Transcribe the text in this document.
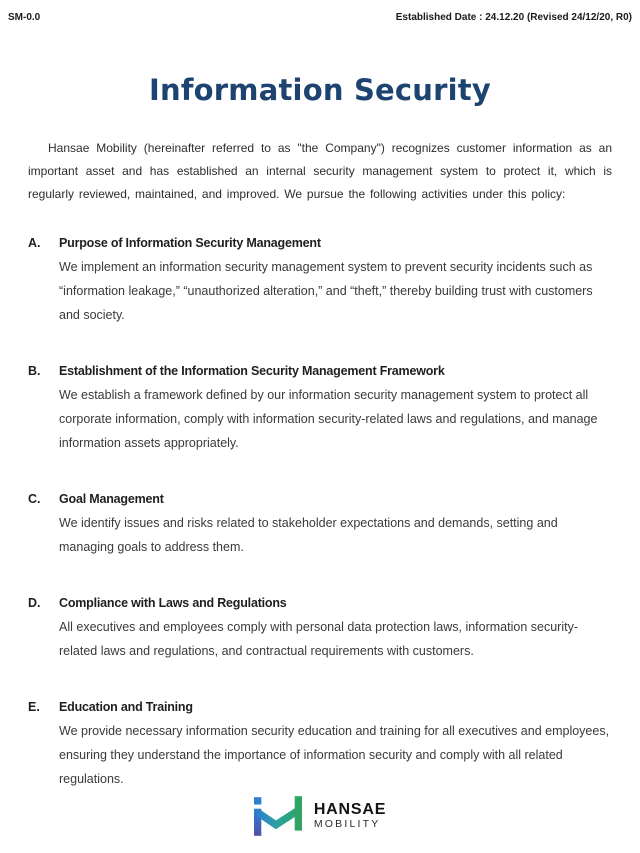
SM-0.0	Established Date : 24.12.20 (Revised 24/12/20, R0)
Information Security

Hansae Mobility (hereinafter referred to as "the Company") recognizes customer information as an important asset and has established an internal security management system to protect it, which is regularly reviewed, maintained, and improved. We pursue the following activities under this policy:

A.	Purpose of Information Security Management

We implement an information security management system to prevent security incidents such as “information leakage,” “unauthorized alteration,” and “theft,” thereby building trust with customers and society.

B.	Establishment of the Information Security Management Framework

We establish a framework defined by our information security management system to protect all corporate information, comply with information security-related laws and regulations, and manage information assets appropriately.

C.	Goal Management

We identify issues and risks related to stakeholder expectations and demands, setting and managing goals to address them.

D.	Compliance with Laws and Regulations

All executives and employees comply with personal data protection laws, information security-related laws and regulations, and contractual requirements with customers.

E.	Education and Training

We provide necessary information security education and training for all executives and employees, ensuring they understand the importance of information security and comply with all related regulations.

HANSAE
MOBILITY
